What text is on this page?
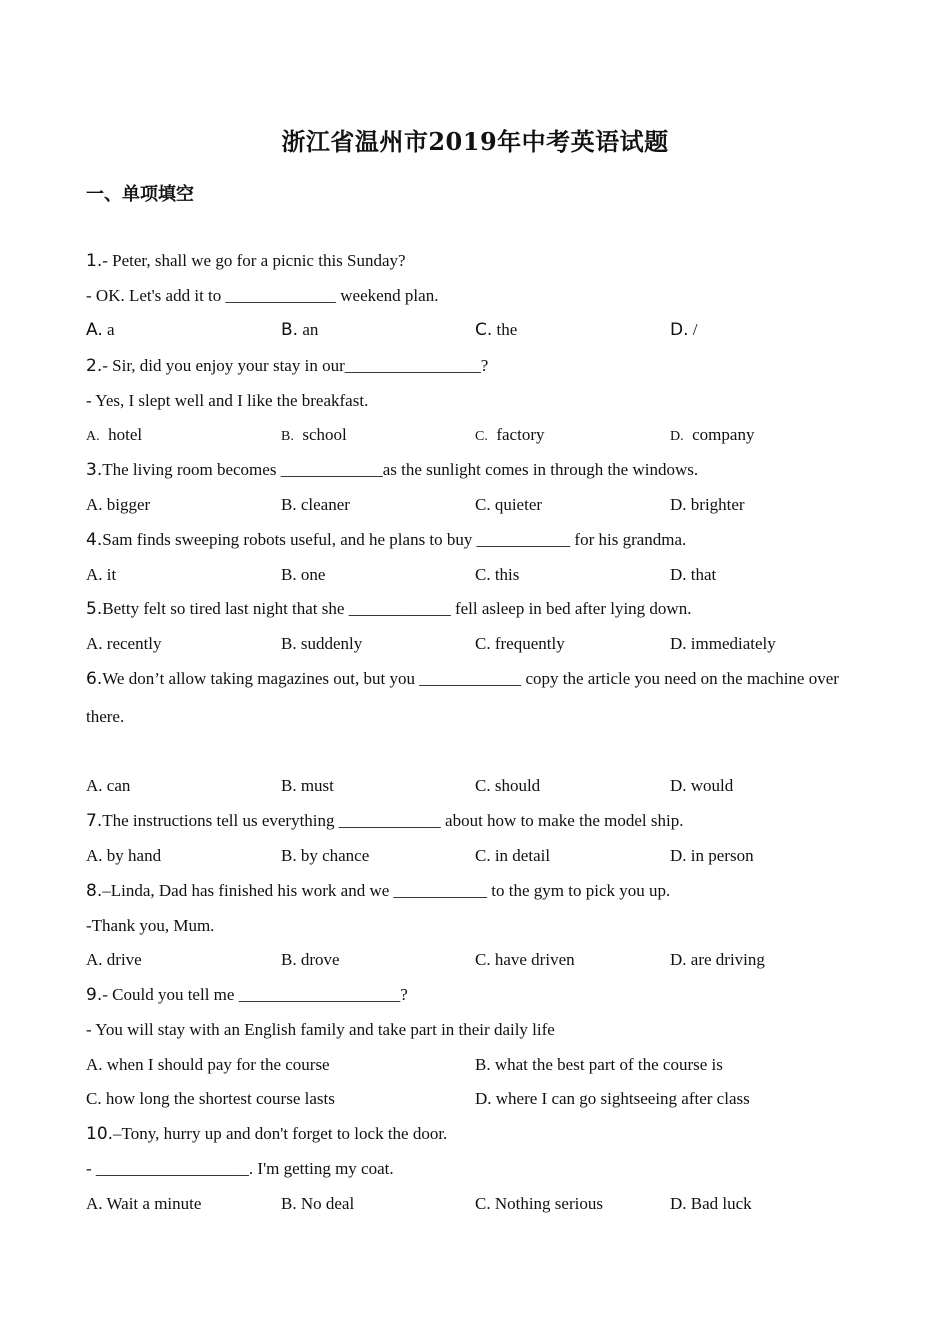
浙江省温州市2019年中考英语试题
一、单项填空
1.- Peter, shall we go for a picnic this Sunday?
- OK. Let's add it to _____________ weekend plan.
A. a	B. an	C. the	D. /
2.- Sir, did you enjoy your stay in our________________?
- Yes, I slept well and I like the breakfast.
A. hotel	B. school	C. factory	D. company
3.The living room becomes ____________as the sunlight comes in through the windows.
A. bigger	B. cleaner	C. quieter	D. brighter
4.Sam finds sweeping robots useful, and he plans to buy ___________ for his grandma.
A. it	B. one	C. this	D. that
5.Betty felt so tired last night that she ____________ fell asleep in bed after lying down.
A. recently	B. suddenly	C. frequently	D. immediately
6.We don’t allow taking magazines out, but you ____________ copy the article you need on the machine over
there.
A. can	B. must	C. should	D. would
7.The instructions tell us everything ____________ about how to make the model ship.
A. by hand	B. by chance	C. in detail	D. in person
8.–Linda, Dad has finished his work and we ___________ to the gym to pick you up.
-Thank you, Mum.
A. drive	B. drove	C. have driven	D. are driving
9.- Could you tell me ___________________?
- You will stay with an English family and take part in their daily life
A. when I should pay for the course	B. what the best part of the course is
C. how long the shortest course lasts	D. where I can go sightseeing after class
10.–Tony, hurry up and don't forget to lock the door.
- __________________. I'm getting my coat.
A. Wait a minute	B. No deal	C. Nothing serious	D. Bad luck
